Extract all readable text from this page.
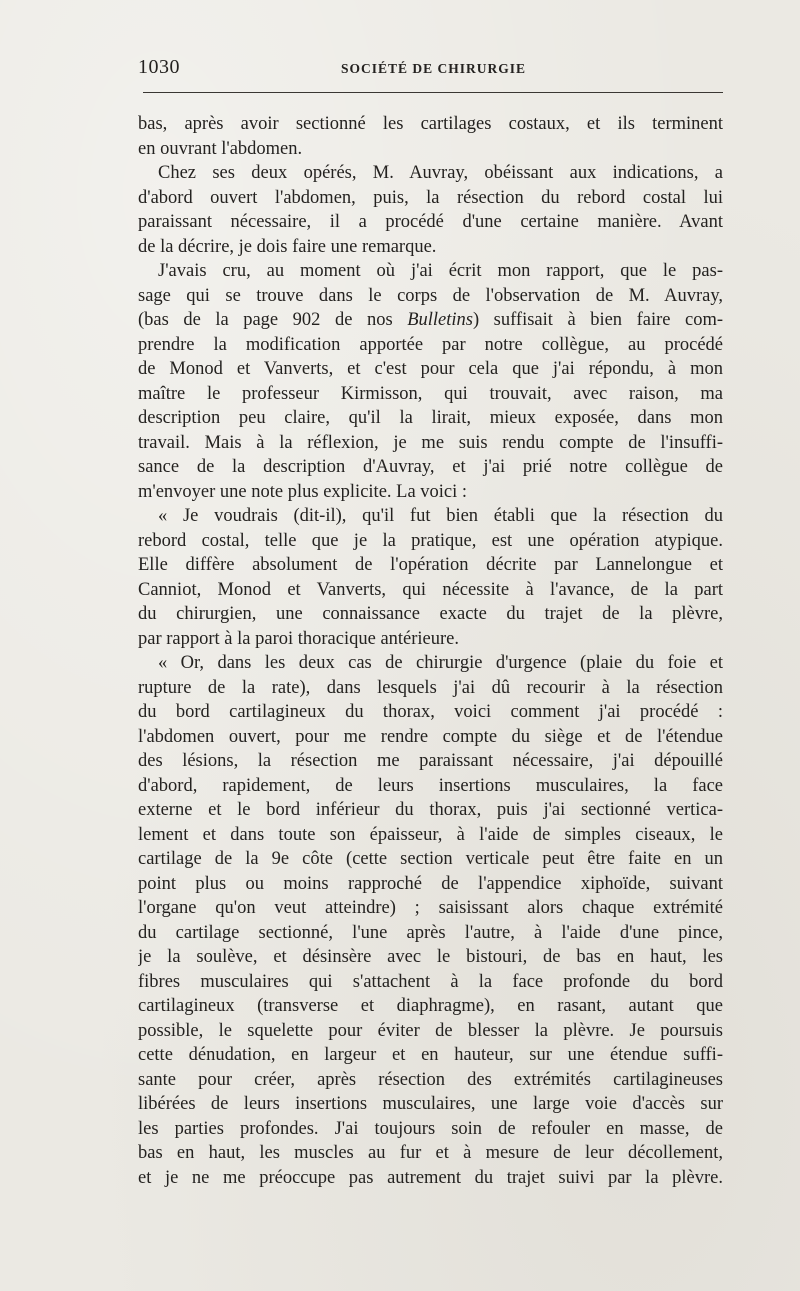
1030	SOCIÉTÉ DE CHIRURGIE
bas, après avoir sectionné les cartilages costaux, et ils terminent
en ouvrant l'abdomen.
Chez ses deux opérés, M. Auvray, obéissant aux indications, a
d'abord ouvert l'abdomen, puis, la résection du rebord costal lui
paraissant nécessaire, il a procédé d'une certaine manière. Avant
de la décrire, je dois faire une remarque.
J'avais cru, au moment où j'ai écrit mon rapport, que le pas-
sage qui se trouve dans le corps de l'observation de M. Auvray,
(bas de la page 902 de nos Bulletins) suffisait à bien faire com-
prendre la modification apportée par notre collègue, au procédé
de Monod et Vanverts, et c'est pour cela que j'ai répondu, à mon
maître le professeur Kirmisson, qui trouvait, avec raison, ma
description peu claire, qu'il la lirait, mieux exposée, dans mon
travail. Mais à la réflexion, je me suis rendu compte de l'insuffi-
sance de la description d'Auvray, et j'ai prié notre collègue de
m'envoyer une note plus explicite. La voici :
« Je voudrais (dit-il), qu'il fut bien établi que la résection du
rebord costal, telle que je la pratique, est une opération atypique.
Elle diffère absolument de l'opération décrite par Lannelongue et
Canniot, Monod et Vanverts, qui nécessite à l'avance, de la part
du chirurgien, une connaissance exacte du trajet de la plèvre,
par rapport à la paroi thoracique antérieure.
« Or, dans les deux cas de chirurgie d'urgence (plaie du foie et
rupture de la rate), dans lesquels j'ai dû recourir à la résection
du bord cartilagineux du thorax, voici comment j'ai procédé :
l'abdomen ouvert, pour me rendre compte du siège et de l'étendue
des lésions, la résection me paraissant nécessaire, j'ai dépouillé
d'abord, rapidement, de leurs insertions musculaires, la face
externe et le bord inférieur du thorax, puis j'ai sectionné vertica-
lement et dans toute son épaisseur, à l'aide de simples ciseaux, le
cartilage de la 9e côte (cette section verticale peut être faite en un
point plus ou moins rapproché de l'appendice xiphoïde, suivant
l'organe qu'on veut atteindre) ; saisissant alors chaque extrémité
du cartilage sectionné, l'une après l'autre, à l'aide d'une pince,
je la soulève, et désinsère avec le bistouri, de bas en haut, les
fibres musculaires qui s'attachent à la face profonde du bord
cartilagineux (transverse et diaphragme), en rasant, autant que
possible, le squelette pour éviter de blesser la plèvre. Je poursuis
cette dénudation, en largeur et en hauteur, sur une étendue suffi-
sante pour créer, après résection des extrémités cartilagineuses
libérées de leurs insertions musculaires, une large voie d'accès sur
les parties profondes. J'ai toujours soin de refouler en masse, de
bas en haut, les muscles au fur et à mesure de leur décollement,
et je ne me préoccupe pas autrement du trajet suivi par la plèvre.
